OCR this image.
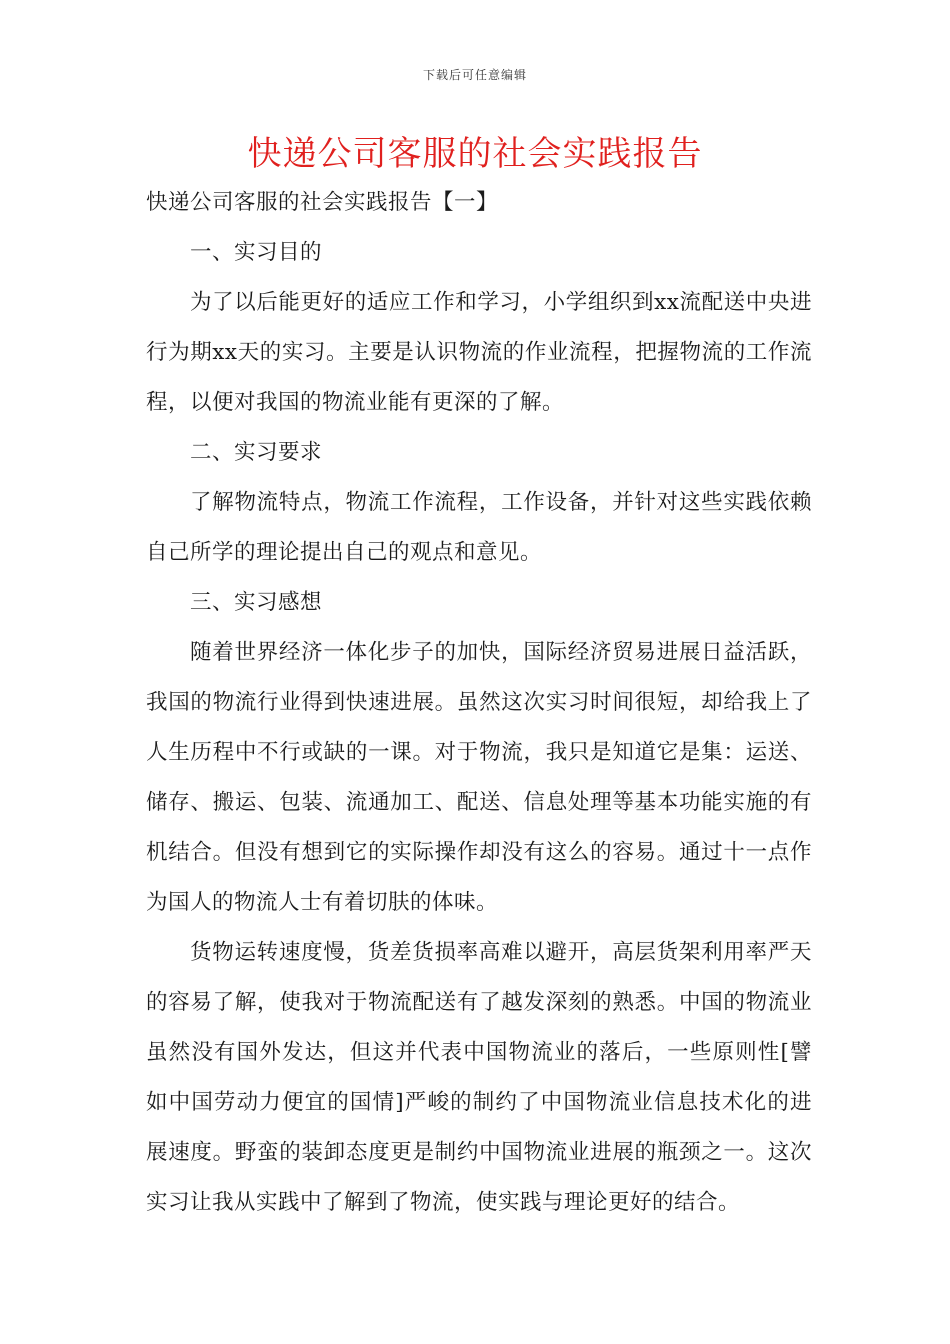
下载后可任意编辑
快递公司客服的社会实践报告

快递公司客服的社会实践报告【一】

一、实习目的

为了以后能更好的适应工作和学习，小学组织到xx流配送中央进行为期xx天的实习。主要是认识物流的作业流程，把握物流的工作流程，以便对我国的物流业能有更深的了解。

二、实习要求

了解物流特点，物流工作流程，工作设备，并针对这些实践依赖自己所学的理论提出自己的观点和意见。

三、实习感想

随着世界经济一体化步子的加快，国际经济贸易进展日益活跃，我国的物流行业得到快速进展。虽然这次实习时间很短，却给我上了人生历程中不行或缺的一课。对于物流，我只是知道它是集：运送、储存、搬运、包装、流通加工、配送、信息处理等基本功能实施的有机结合。但没有想到它的实际操作却没有这么的容易。通过十一点作为国人的物流人士有着切肤的体味。

货物运转速度慢，货差货损率高难以避开，高层货架利用率严天的容易了解，使我对于物流配送有了越发深刻的熟悉。中国的物流业虽然没有国外发达，但这并代表中国物流业的落后，一些原则性[譬如中国劳动力便宜的国情]严峻的制约了中国物流业信息技术化的进展速度。野蛮的装卸态度更是制约中国物流业进展的瓶颈之一。这次实习让我从实践中了解到了物流，使实践与理论更好的结合。
